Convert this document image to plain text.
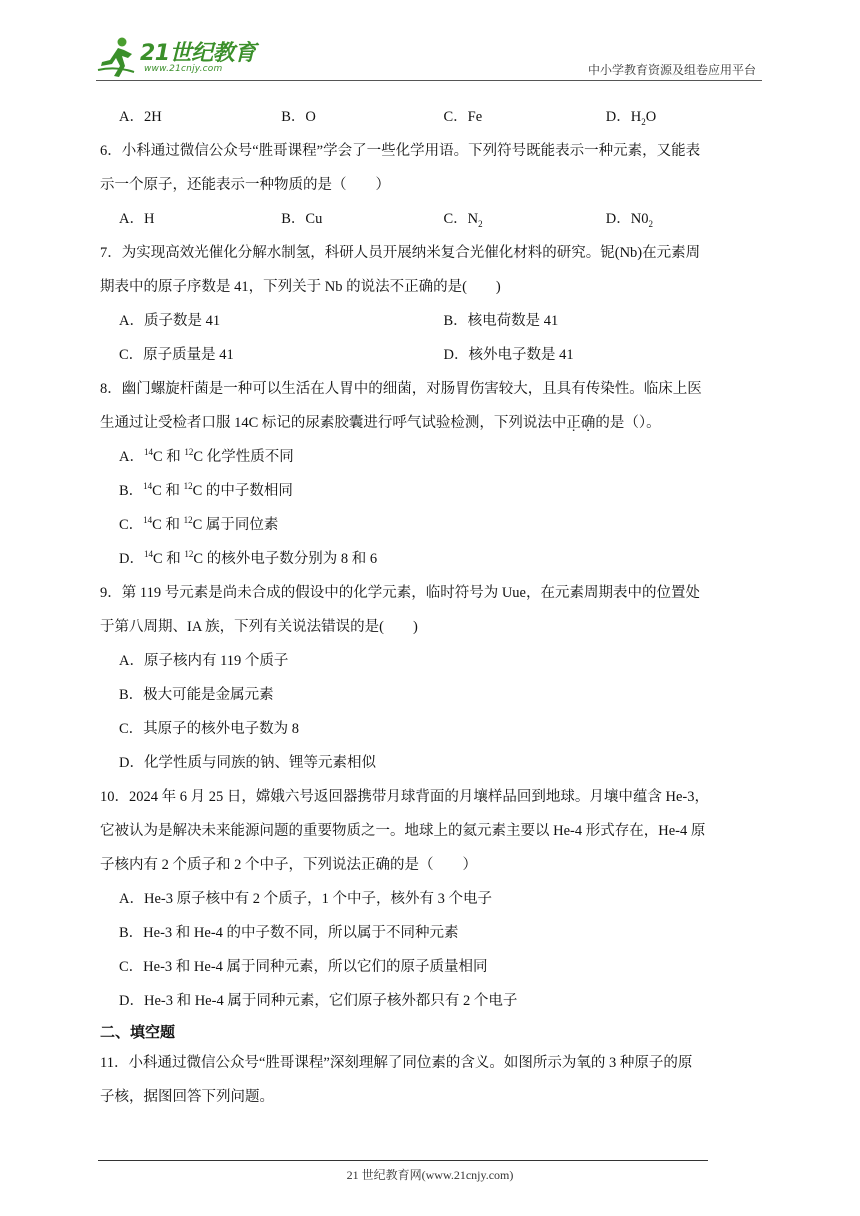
21世纪教育
www.21cnjy.com	中小学教育资源及组卷应用平台
A．2H	B．O	C．Fe	D．$H_2O$
6．小科通过微信公众号“胜哥课程”学会了一些化学用语。下列符号既能表示一种元素，又能表
示一个原子，还能表示一种物质的是（　　）
A．H	B．Cu	C．$N_2$	D．$N0_2$
7．为实现高效光催化分解水制氢，科研人员开展纳米复合光催化材料的研究。铌(Nb)在元素周
期表中的原子序数是 41，下列关于 Nb 的说法不正确的是(　　)
A．质子数是 41	B．核电荷数是 41
C．原子质量是 41	D．核外电子数是 41
8．幽门螺旋杆菌是一种可以生活在人胃中的细菌，对肠胃伤害较大，且具有传染性。临床上医
生通过让受检者口服 14C 标记的尿素胶囊进行呼气试验检测，下列说法中正确的是（）。
A．$^{14}$C 和 $^{12}$C 化学性质不同
B．$^{14}$C 和 $^{12}$C 的中子数相同
C．$^{14}$C 和 $^{12}$C 属于同位素
D．$^{14}$C 和 $^{12}$C 的核外电子数分别为 8 和 6
9．第 119 号元素是尚未合成的假设中的化学元素，临时符号为 Uue，在元素周期表中的位置处
于第八周期、IA 族，下列有关说法错误的是(　　)
A．原子核内有 119 个质子
B．极大可能是金属元素
C．其原子的核外电子数为 8
D．化学性质与同族的钠、锂等元素相似
10．2024 年 6 月 25 日，嫦娥六号返回器携带月球背面的月壤样品回到地球。月壤中蕴含 He-3，
它被认为是解决未来能源问题的重要物质之一。地球上的氦元素主要以 He-4 形式存在，He-4 原
子核内有 2 个质子和 2 个中子，下列说法正确的是（　　）
A．He-3 原子核中有 2 个质子，1 个中子，核外有 3 个电子
B．He-3 和 He-4 的中子数不同，所以属于不同种元素
C．He-3 和 He-4 属于同种元素，所以它们的原子质量相同
D．He-3 和 He-4 属于同种元素，它们原子核外都只有 2 个电子
二、填空题
11．小科通过微信公众号“胜哥课程”深刻理解了同位素的含义。如图所示为氧的 3 种原子的原
子核，据图回答下列问题。
21 世纪教育网(www.21cnjy.com)
